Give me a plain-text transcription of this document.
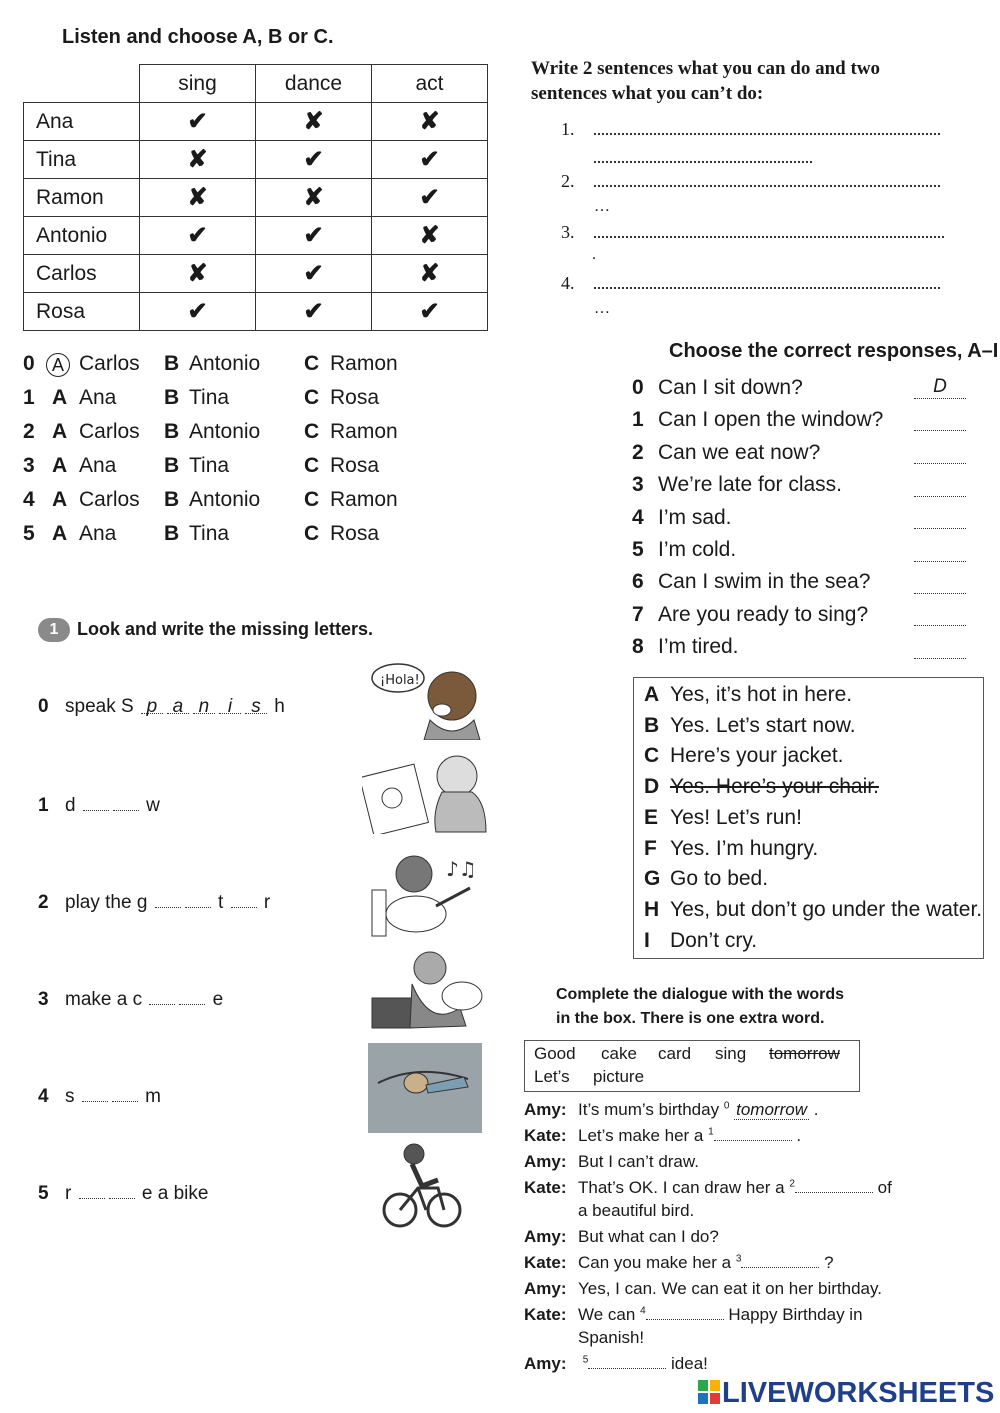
Listen and choose A, B or C.
	sing	dance	act
Ana	✔	✘	✘
Tina	✘	✔	✔
Ramon	✘	✘	✔
Antonio	✔	✔	✘
Carlos	✘	✔	✘
Rosa	✔	✔	✔
0 A Carlos B Antonio C Ramon
1 A Ana B Tina	C Rosa
2 A Carlos B Antonio C Ramon
3 A Ana B Tina	C Rosa
4 A Carlos B Antonio C Ramon
5 A Ana B Tina	C Rosa
Write 2 sentences what you can do and two
sentences what you can’t do:
1.
2.
…
3.
.
4.
…
Choose the correct responses, A–I
0 Can I sit down?	D
1 Can I open the window?
2 Can we eat now?
3 We’re late for class.
4 I’m sad.
5 I’m cold.
6 Can I swim in the sea?
7 Are you ready to sing?
8 I’m tired.
A Yes, it’s hot in here.
B Yes. Let’s start now.
C Here’s your jacket.
D Yes. Here’s your chair.
E Yes! Let’s run!
F Yes. I’m hungry.
G Go to bed.
H Yes, but don’t go under the water.
I Don’t cry.
1	Look and write the missing letters.
0 speak S p a n i s h
1 d	w
2 play the g	t r
3 make a c	e
4 s	m
5 r	e a bike
¡Hola!
♪♫
Complete the dialogue with the words
in the box. There is one extra word.
Good cake card sing tomorrow
Let’s picture
Amy: It’s mum’s birthday $^0$ tomorrow .
Kate: Let’s make her a $^1$	.
Amy: But I can’t draw.
Kate: That’s OK. I can draw her a $^2$	of
a beautiful bird.
Amy: But what can I do?
Kate: Can you make her a $^3$	?
Amy: Yes, I can. We can eat it on her birthday.
Kate: We can $^4$	Happy Birthday in
Spanish!
Amy: $^5$	idea!
LIVEWORKSHEETS
